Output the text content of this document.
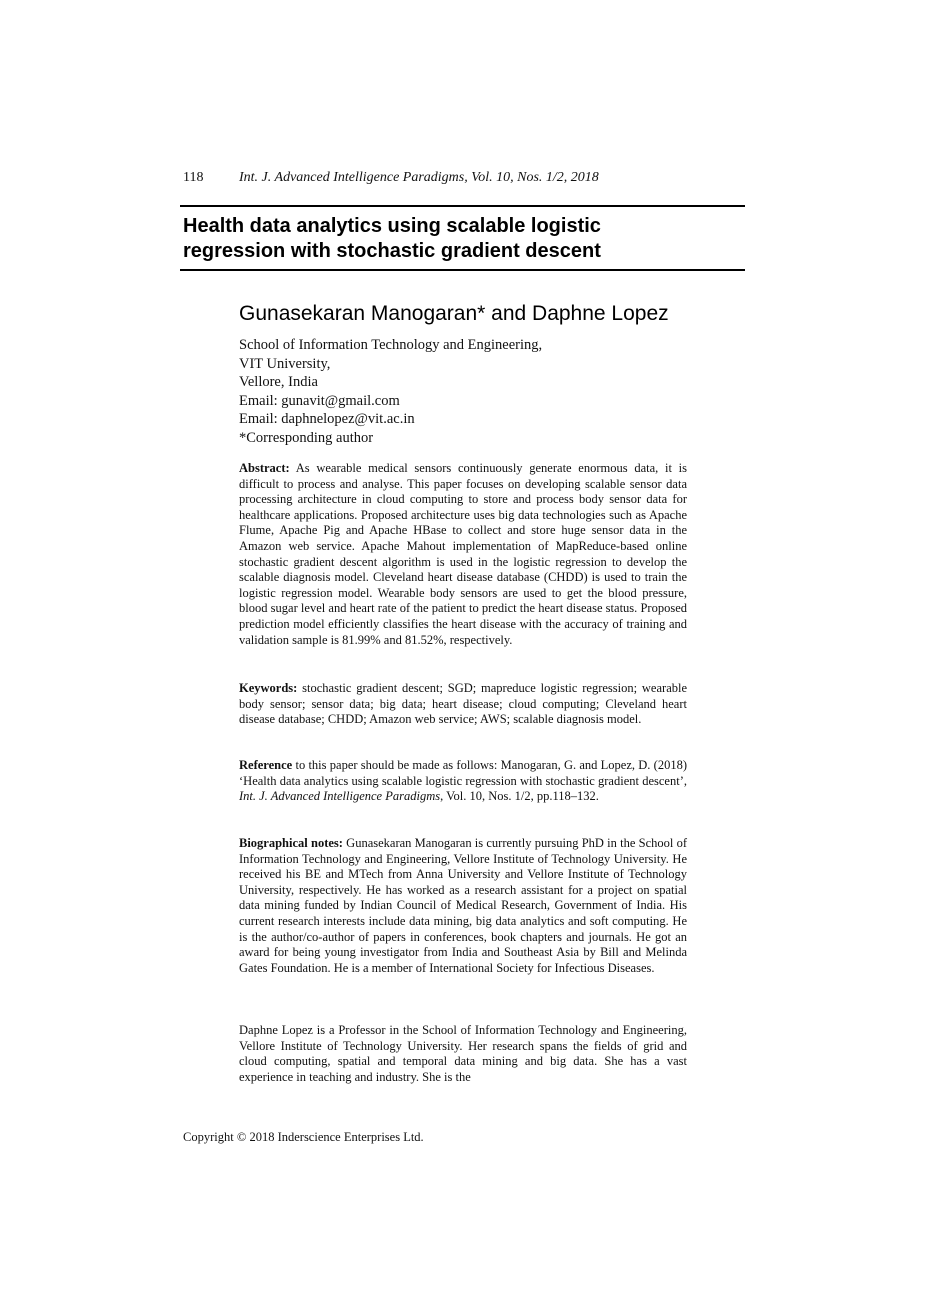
118	Int. J. Advanced Intelligence Paradigms, Vol. 10, Nos. 1/2, 2018
Health data analytics using scalable logistic
regression with stochastic gradient descent
Gunasekaran Manogaran* and Daphne Lopez
School of Information Technology and Engineering,
VIT University,
Vellore, India
Email: gunavit@gmail.com
Email: daphnelopez@vit.ac.in
*Corresponding author
Abstract: As wearable medical sensors continuously generate enormous data, it is difficult to process and analyse. This paper focuses on developing scalable sensor data processing architecture in cloud computing to store and process body sensor data for healthcare applications. Proposed architecture uses big data technologies such as Apache Flume, Apache Pig and Apache HBase to collect and store huge sensor data in the Amazon web service. Apache Mahout implementation of MapReduce-based online stochastic gradient descent algorithm is used in the logistic regression to develop the scalable diagnosis model. Cleveland heart disease database (CHDD) is used to train the logistic regression model. Wearable body sensors are used to get the blood pressure, blood sugar level and heart rate of the patient to predict the heart disease status. Proposed prediction model efficiently classifies the heart disease with the accuracy of training and validation sample is 81.99% and 81.52%, respectively.
Keywords: stochastic gradient descent; SGD; mapreduce logistic regression; wearable body sensor; sensor data; big data; heart disease; cloud computing; Cleveland heart disease database; CHDD; Amazon web service; AWS; scalable diagnosis model.
Reference to this paper should be made as follows: Manogaran, G. and Lopez, D. (2018) ‘Health data analytics using scalable logistic regression with stochastic gradient descent’, Int. J. Advanced Intelligence Paradigms, Vol. 10, Nos. 1/2, pp.118–132.
Biographical notes: Gunasekaran Manogaran is currently pursuing PhD in the School of Information Technology and Engineering, Vellore Institute of Technology University. He received his BE and MTech from Anna University and Vellore Institute of Technology University, respectively. He has worked as a research assistant for a project on spatial data mining funded by Indian Council of Medical Research, Government of India. His current research interests include data mining, big data analytics and soft computing. He is the author/co-author of papers in conferences, book chapters and journals. He got an award for being young investigator from India and Southeast Asia by Bill and Melinda Gates Foundation. He is a member of International Society for Infectious Diseases.
Daphne Lopez is a Professor in the School of Information Technology and Engineering, Vellore Institute of Technology University. Her research spans the fields of grid and cloud computing, spatial and temporal data mining and big data. She has a vast experience in teaching and industry. She is the
Copyright © 2018 Inderscience Enterprises Ltd.
